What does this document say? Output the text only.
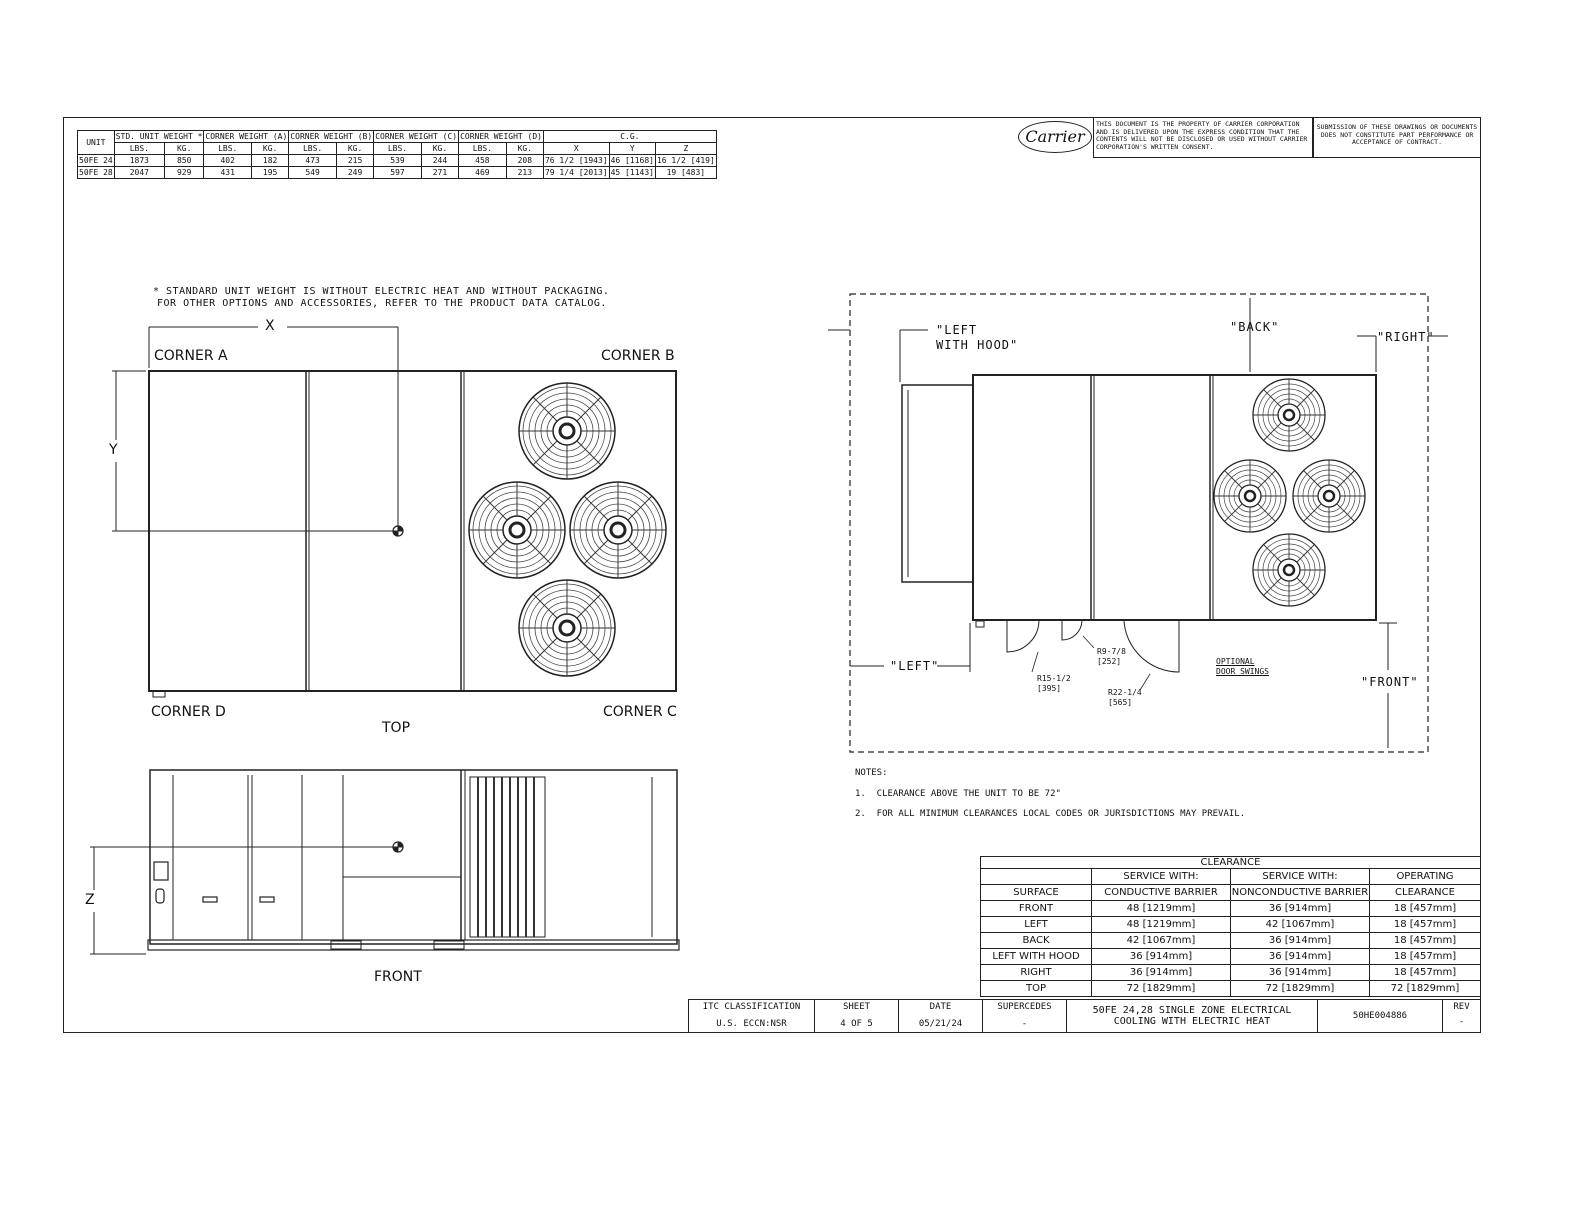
UNIT	STD. UNIT WEIGHT *		CORNER WEIGHT (A)		CORNER WEIGHT (B)		CORNER WEIGHT (C)		CORNER WEIGHT (D)		C.G.		
	LBS.	KG.	LBS.	KG.	LBS.	KG.	LBS.	KG.	LBS.	KG.	X	Y	Z
50FE 24	1873	850	402	182	473	215	539	244	458	208	76 1/2 [1943]	46 [1168]	16 1/2 [419]
50FE 28	2047	929	431	195	549	249	597	271	469	213	79 1/4 [2013]	45 [1143]	19 [483]
Carrier
THIS DOCUMENT IS THE PROPERTY OF CARRIER CORPORATION
AND IS DELIVERED UPON THE EXPRESS CONDITION THAT THE
CONTENTS WILL NOT BE DISCLOSED OR USED WITHOUT CARRIER
CORPORATION'S WRITTEN CONSENT.
SUBMISSION OF THESE DRAWINGS OR DOCUMENTS
DOES NOT CONSTITUTE PART PERFORMANCE OR
ACCEPTANCE OF CONTRACT.
* STANDARD UNIT WEIGHT IS WITHOUT ELECTRIC HEAT AND WITHOUT PACKAGING.
FOR OTHER OPTIONS AND ACCESSORIES, REFER TO THE PRODUCT DATA CATALOG.
X
Y
CORNER A	CORNER B
CORNER D	CORNER C
TOP
Z
FRONT
"LEFT
WITH HOOD"
"BACK"
"RIGHT"
"LEFT"
"FRONT"
R9-7/8
[252]
R15-1/2
[395]	R22-1/4
[565]
OPTIONAL
DOOR SWINGS
NOTES:
1.  CLEARANCE ABOVE THE UNIT TO BE 72"
2.  FOR ALL MINIMUM CLEARANCES LOCAL CODES OR JURISDICTIONS MAY PREVAIL.
CLEARANCE			
	SERVICE WITH:	SERVICE WITH:	OPERATING
SURFACE	CONDUCTIVE BARRIER	NONCONDUCTIVE BARRIER	CLEARANCE
FRONT	48 [1219mm]	36 [914mm]	18 [457mm]
LEFT	48 [1219mm]	42 [1067mm]	18 [457mm]
BACK	42 [1067mm]	36 [914mm]	18 [457mm]
LEFT WITH HOOD	36 [914mm]	36 [914mm]	18 [457mm]
RIGHT	36 [914mm]	36 [914mm]	18 [457mm]
TOP	72 [1829mm]	72 [1829mm]	72 [1829mm]
ITC CLASSIFICATION
U.S. ECCN:NSR

SHEET
4 OF 5

DATE
05/21/24

SUPERCEDES
-

50FE 24,28 SINGLE ZONE ELECTRICAL
COOLING WITH ELECTRIC HEAT	50HE004886

REV
-
